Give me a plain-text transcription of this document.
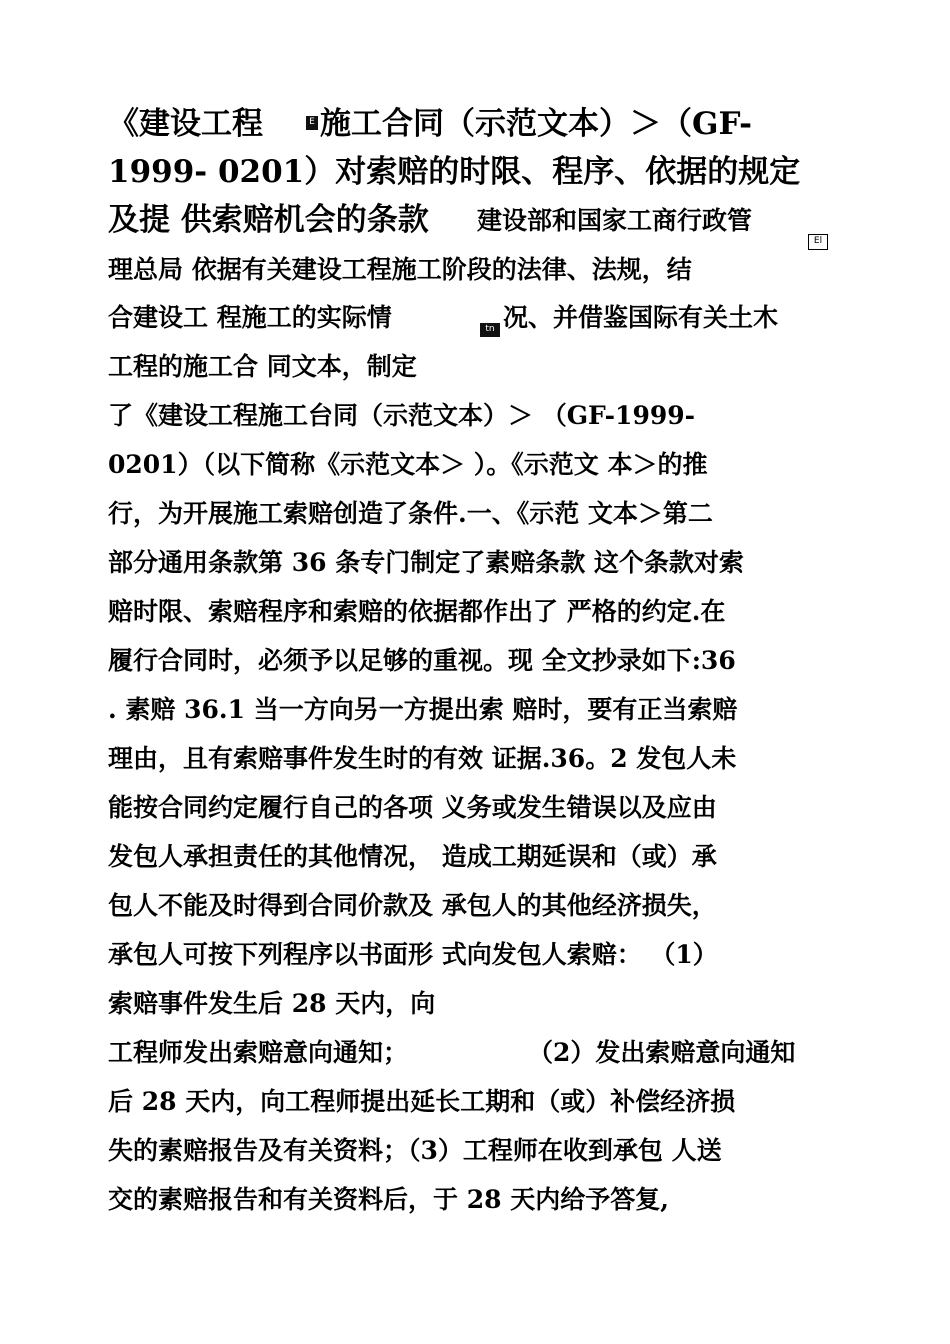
《建设工程	E 施工合同（示范文本）＞（GF-
1999- 0201）对索赔的时限、程序、依据的规定
及提 供索赔机会的条款 建设部和国家工商行政管
El
理总局 依据有关建设工程施工阶段的法律、法规，结
合建设工 程施工的实际情	tn 况、并借鉴国际有关土木
工程的施工合 同文本，制定
了《建设工程施工台同（示范文本）＞ （GF-1999-
0201）（以下简称《示范文本＞ ）。《示范文 本＞的推
行，为开展施工索赔创造了条件.一、《示范 文本＞第二
部分通用条款第 36 条专门制定了素赔条款 这个条款对索
赔时限、索赔程序和索赔的依据都作出了 严格的约定.在
履行合同时，必须予以足够的重视。现 全文抄录如下:36
. 素赔 36.1 当一方向另一方提出索 赔时，要有正当索赔
理由，且有索赔事件发生时的有效 证据.36。2 发包人未
能按合同约定履行自己的各项 义务或发生错误以及应由
发包人承担责任的其他情况， 造成工期延误和（或）承
包人不能及时得到合同价款及 承包人的其他经济损失，
承包人可按下列程序以书面形 式向发包人索赔： （1）
索赔事件发生后 28 天内，向
工程师发出索赔意向通知；	（2）发出索赔意向通知
后 28 天内，向工程师提出延长工期和（或）补偿经济损
失的素赔报告及有关资料；（3）工程师在收到承包 人送
交的素赔报告和有关资料后，于 28 天内给予答复,
